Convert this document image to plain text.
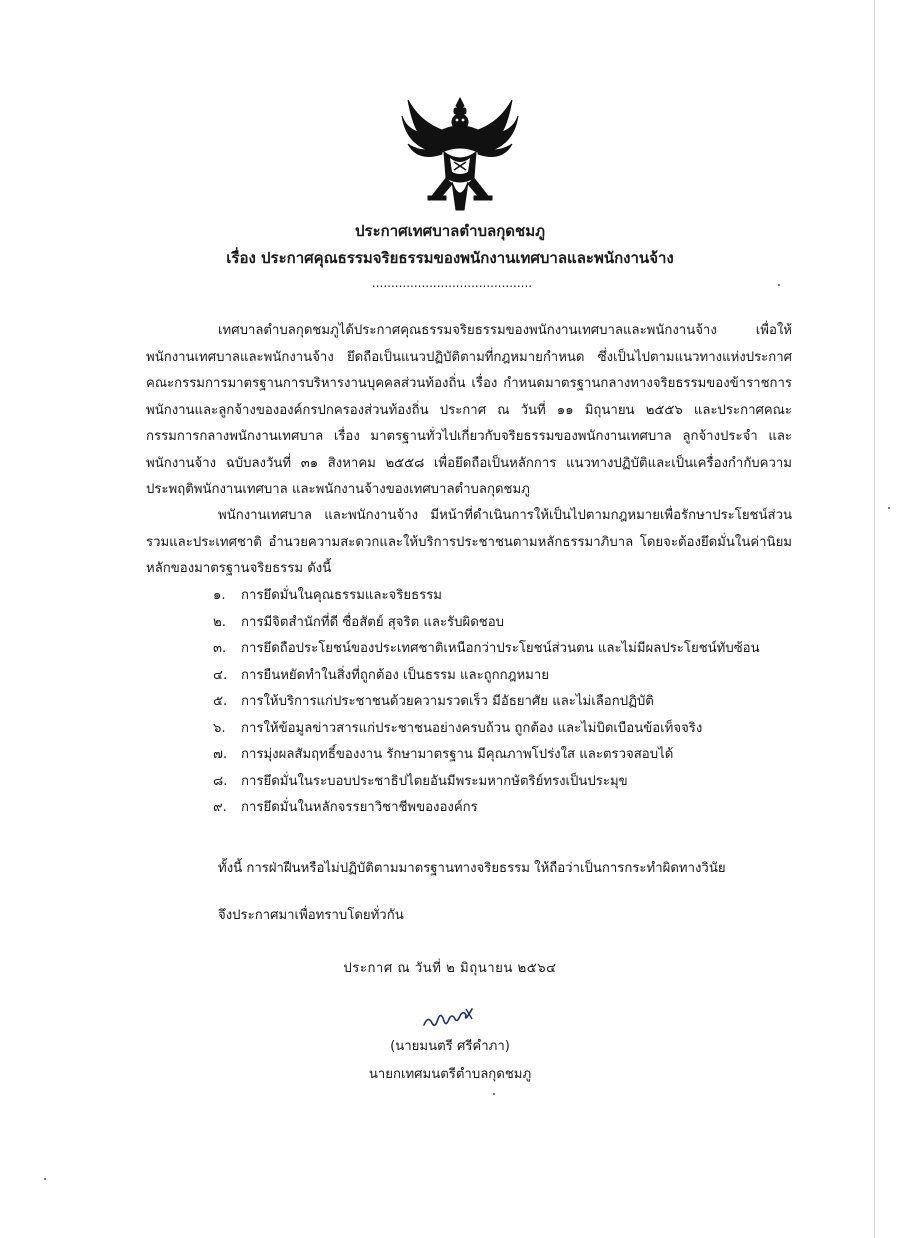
ประกาศเทศบาลตำบลกุดชมภู
เรื่อง ประกาศคุณธรรมจริยธรรมของพนักงานเทศบาลและพนักงานจ้าง
..........................................
เทศบาลตำบลกุดชมภูได้ประกาศคุณธรรมจริยธรรมของพนักงานเทศบาลและพนักงานจ้าง เพื่อให้พนักงานเทศบาลและพนักงานจ้าง ยึดถือเป็นแนวปฏิบัติตามที่กฎหมายกำหนด ซึ่งเป็นไปตามแนวทางแห่งประกาศคณะกรรมการมาตรฐานการบริหารงานบุคคลส่วนท้องถิ่น เรื่อง กำหนดมาตรฐานกลางทางจริยธรรมของข้าราชการ พนักงานและลูกจ้างขององค์กรปกครองส่วนท้องถิ่น ประกาศ ณ วันที่ ๑๑ มิถุนายน ๒๕๕๖ และประกาศคณะกรรมการกลางพนักงานเทศบาล เรื่อง มาตรฐานทั่วไปเกี่ยวกับจริยธรรมของพนักงานเทศบาล ลูกจ้างประจำ และพนักงานจ้าง ฉบับลงวันที่ ๓๑ สิงหาคม ๒๕๕๘ เพื่อยึดถือเป็นหลักการ แนวทางปฏิบัติและเป็นเครื่องกำกับความประพฤติพนักงานเทศบาล และพนักงานจ้างของเทศบาลตำบลกุดชมภู
พนักงานเทศบาล และพนักงานจ้าง มีหน้าที่ดำเนินการให้เป็นไปตามกฎหมายเพื่อรักษาประโยชน์ส่วนรวมและประเทศชาติ อำนวยความสะดวกและให้บริการประชาชนตามหลักธรรมาภิบาล โดยจะต้องยึดมั่นในค่านิยมหลักของมาตรฐานจริยธรรม ดังนี้
๑.	การยึดมั่นในคุณธรรมและจริยธรรม
๒.	การมีจิตสำนักที่ดี ซื่อสัตย์ สุจริต และรับผิดชอบ
๓.	การยึดถือประโยชน์ของประเทศชาติเหนือกว่าประโยชน์ส่วนตน และไม่มีผลประโยชน์ทับซ้อน
๔.	การยืนหยัดทำในสิ่งที่ถูกต้อง เป็นธรรม และถูกกฎหมาย
๕.	การให้บริการแก่ประชาชนด้วยความรวดเร็ว มีอัธยาศัย และไม่เลือกปฏิบัติ
๖.	การให้ข้อมูลข่าวสารแก่ประชาชนอย่างครบถ้วน ถูกต้อง และไม่บิดเบือนข้อเท็จจริง
๗.	การมุ่งผลสัมฤทธิ์ของงาน รักษามาตรฐาน มีคุณภาพโปร่งใส และตรวจสอบได้
๘.	การยึดมั่นในระบอบประชาธิปไตยอันมีพระมหากษัตริย์ทรงเป็นประมุข
๙.	การยึดมั่นในหลักจรรยาวิชาชีพขององค์กร
ทั้งนี้ การฝ่าฝืนหรือไม่ปฏิบัติตามมาตรฐานทางจริยธรรม ให้ถือว่าเป็นการกระทำผิดทางวินัย
จึงประกาศมาเพื่อทราบโดยทั่วกัน
ประกาศ ณ วันที่ ๒ มิถุนายน ๒๕๖๔
(นายมนตรี ศรีคำภา)
นายกเทศมนตรีตำบลกุดชมภู
